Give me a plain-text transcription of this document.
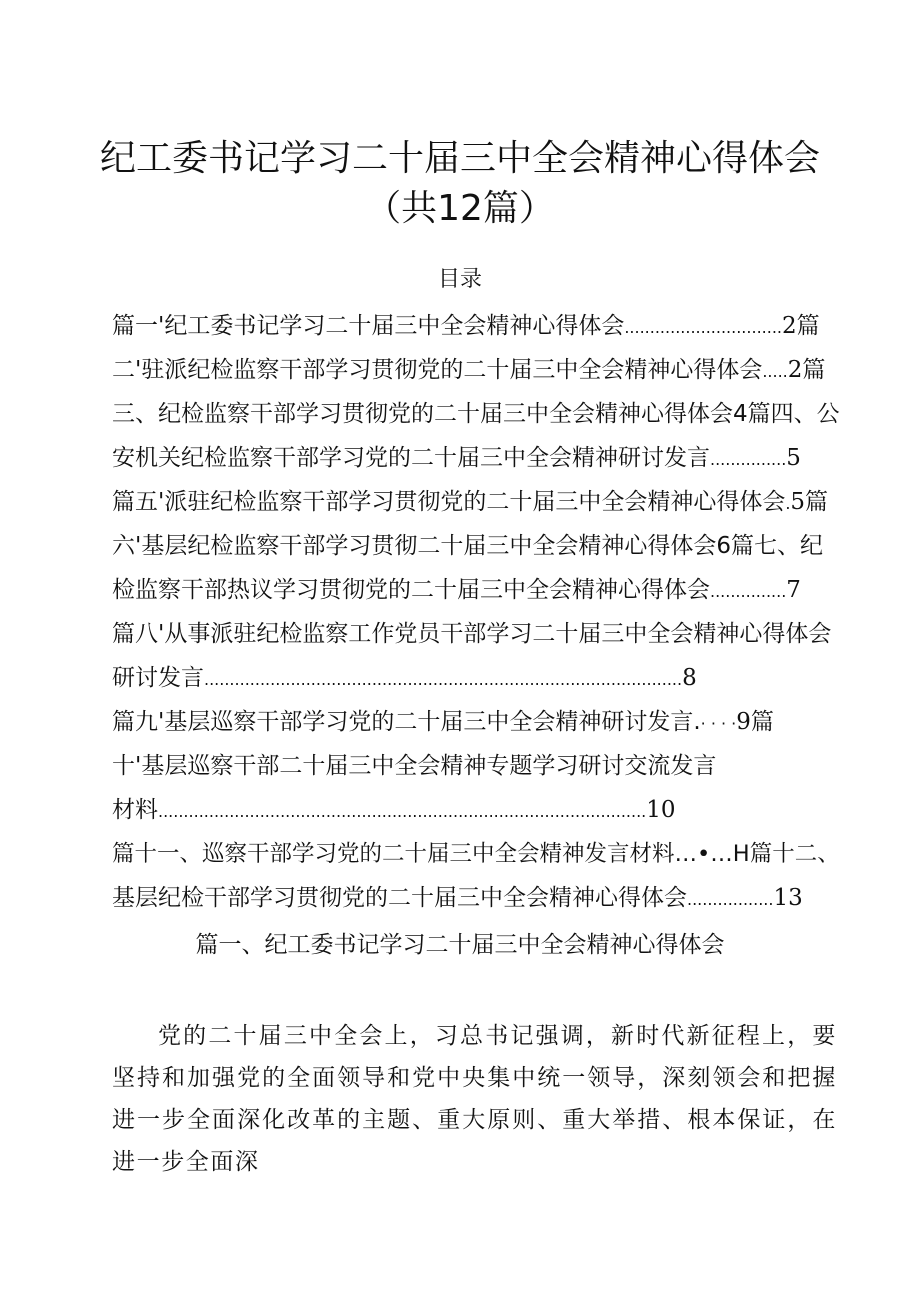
纪工委书记学习二十届三中全会精神心得体会
（共12篇）
目录
篇一'纪工委书记学习二十届三中全会精神心得体会...............................2篇
二'驻派纪检监察干部学习贯彻党的二十届三中全会精神心得体会.....2篇
三、纪检监察干部学习贯彻党的二十届三中全会精神心得体会4篇四、公
安机关纪检监察干部学习党的二十届三中全会精神研讨发言...............5
篇五'派驻纪检监察干部学习贯彻党的二十届三中全会精神心得体会.5篇
六'基层纪检监察干部学习贯彻二十届三中全会精神心得体会6篇七、纪
检监察干部热议学习贯彻党的二十届三中全会精神心得体会...............7
篇八'从事派驻纪检监察工作党员干部学习二十届三中全会精神心得体会
研讨发言..............................................................................................8
篇九'基层巡察干部学习党的二十届三中全会精神研讨发言.· · · ·9篇
十'基层巡察干部二十届三中全会精神专题学习研讨交流发言
材料................................................................................................10
篇十一、巡察干部学习党的二十届三中全会精神发言材料…•…H篇十二、
基层纪检干部学习贯彻党的二十届三中全会精神心得体会.................13
篇一、纪工委书记学习二十届三中全会精神心得体会

党的二十届三中全会上，习总书记强调，新时代新征程上，要坚持和加强党的全面领导和党中央集中统一领导，深刻领会和把握进一步全面深化改革的主题、重大原则、重大举措、根本保证，在进一步全面深
